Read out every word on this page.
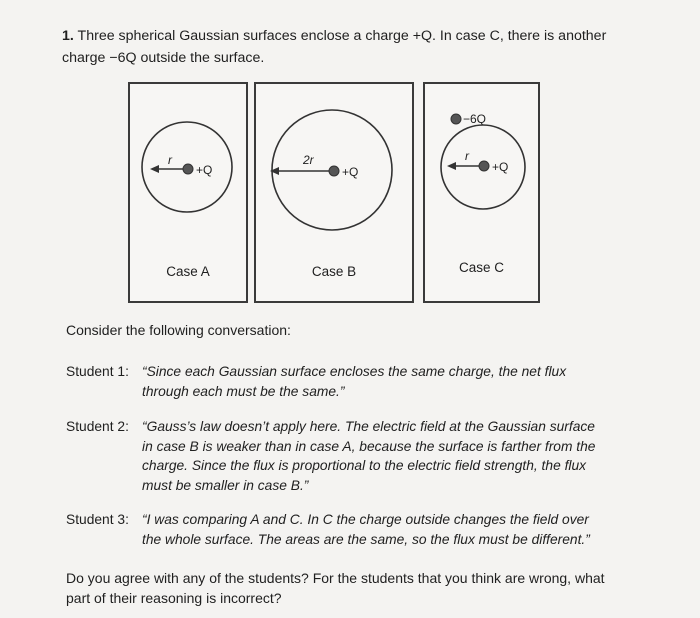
1. Three spherical Gaussian surfaces enclose a charge +Q. In case C, there is another charge −6Q outside the surface.
r
+Q
Case A
2r
+Q
Case B
−6Q
r
+Q
Case C
Consider the following conversation:
Student 1: “Since each Gaussian surface encloses the same charge, the net flux
through each must be the same.”
Student 2: “Gauss’s law doesn’t apply here. The electric field at the Gaussian surface
in case B is weaker than in case A, because the surface is farther from the charge. Since the flux is proportional to the electric field strength, the flux must be smaller in case B.”
Student 3: “I was comparing A and C. In C the charge outside changes the field over
the whole surface. The areas are the same, so the flux must be different.”
Do you agree with any of the students? For the students that you think are wrong, what part of their reasoning is incorrect?
